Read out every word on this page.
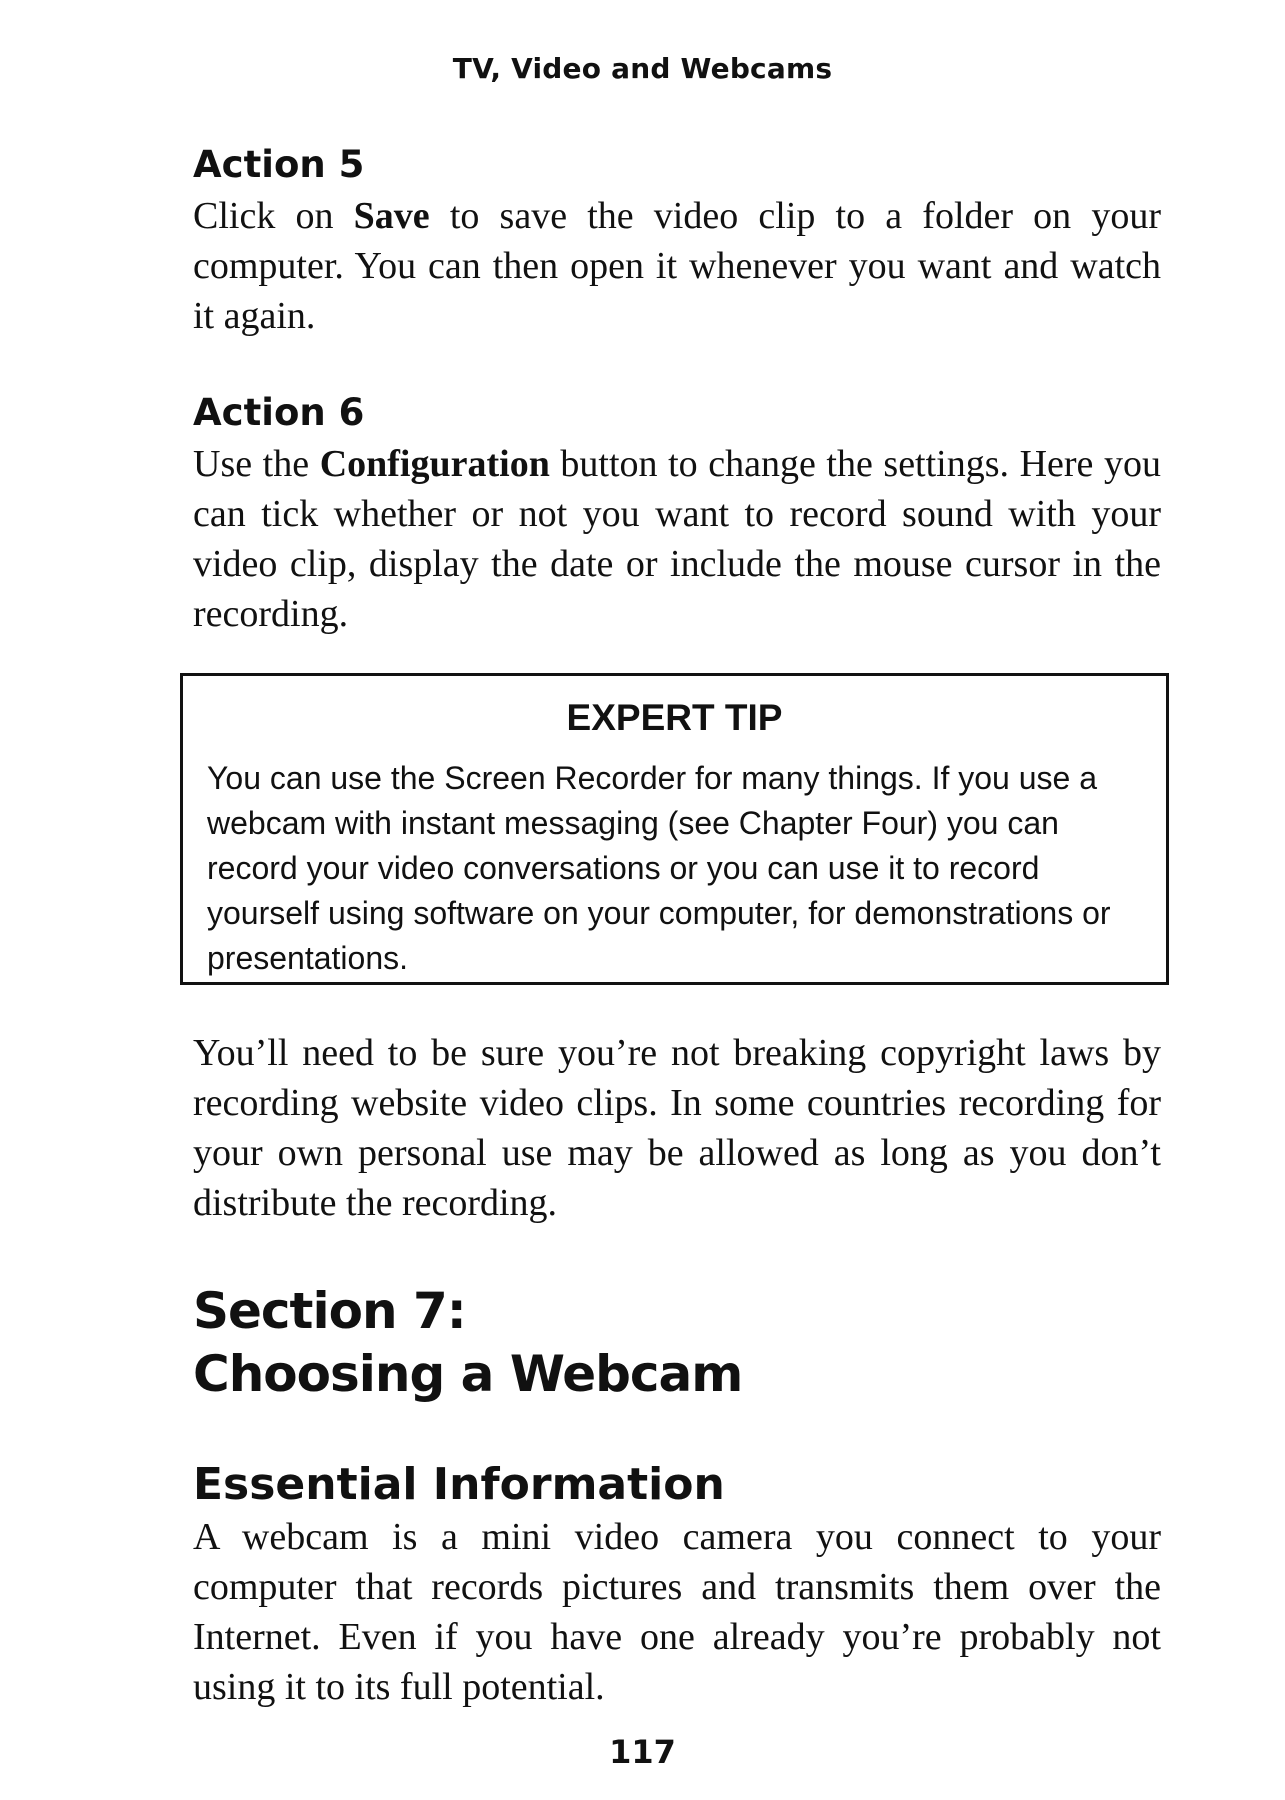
TV, Video and Webcams
Action 5

Click on Save to save the video clip to a folder on your computer. You can then open it whenever you want and watch it again.

Action 6

Use the Configuration button to change the settings. Here you can tick whether or not you want to record sound with your video clip, display the date or include the mouse cursor in the recording.

EXPERT TIP

You can use the Screen Recorder for many things. If you use a webcam with instant messaging (see Chapter Four) you can record your video conversations or you can use it to record yourself using software on your computer, for demonstrations or presentations.

You’ll need to be sure you’re not breaking copyright laws by recording website video clips. In some countries recording for your own personal use may be allowed as long as you don’t distribute the recording.

Section 7:
Choosing a Webcam
Essential Information

A webcam is a mini video camera you connect to your computer that records pictures and transmits them over the Internet. Even if you have one already you’re probably not using it to its full potential.

117
